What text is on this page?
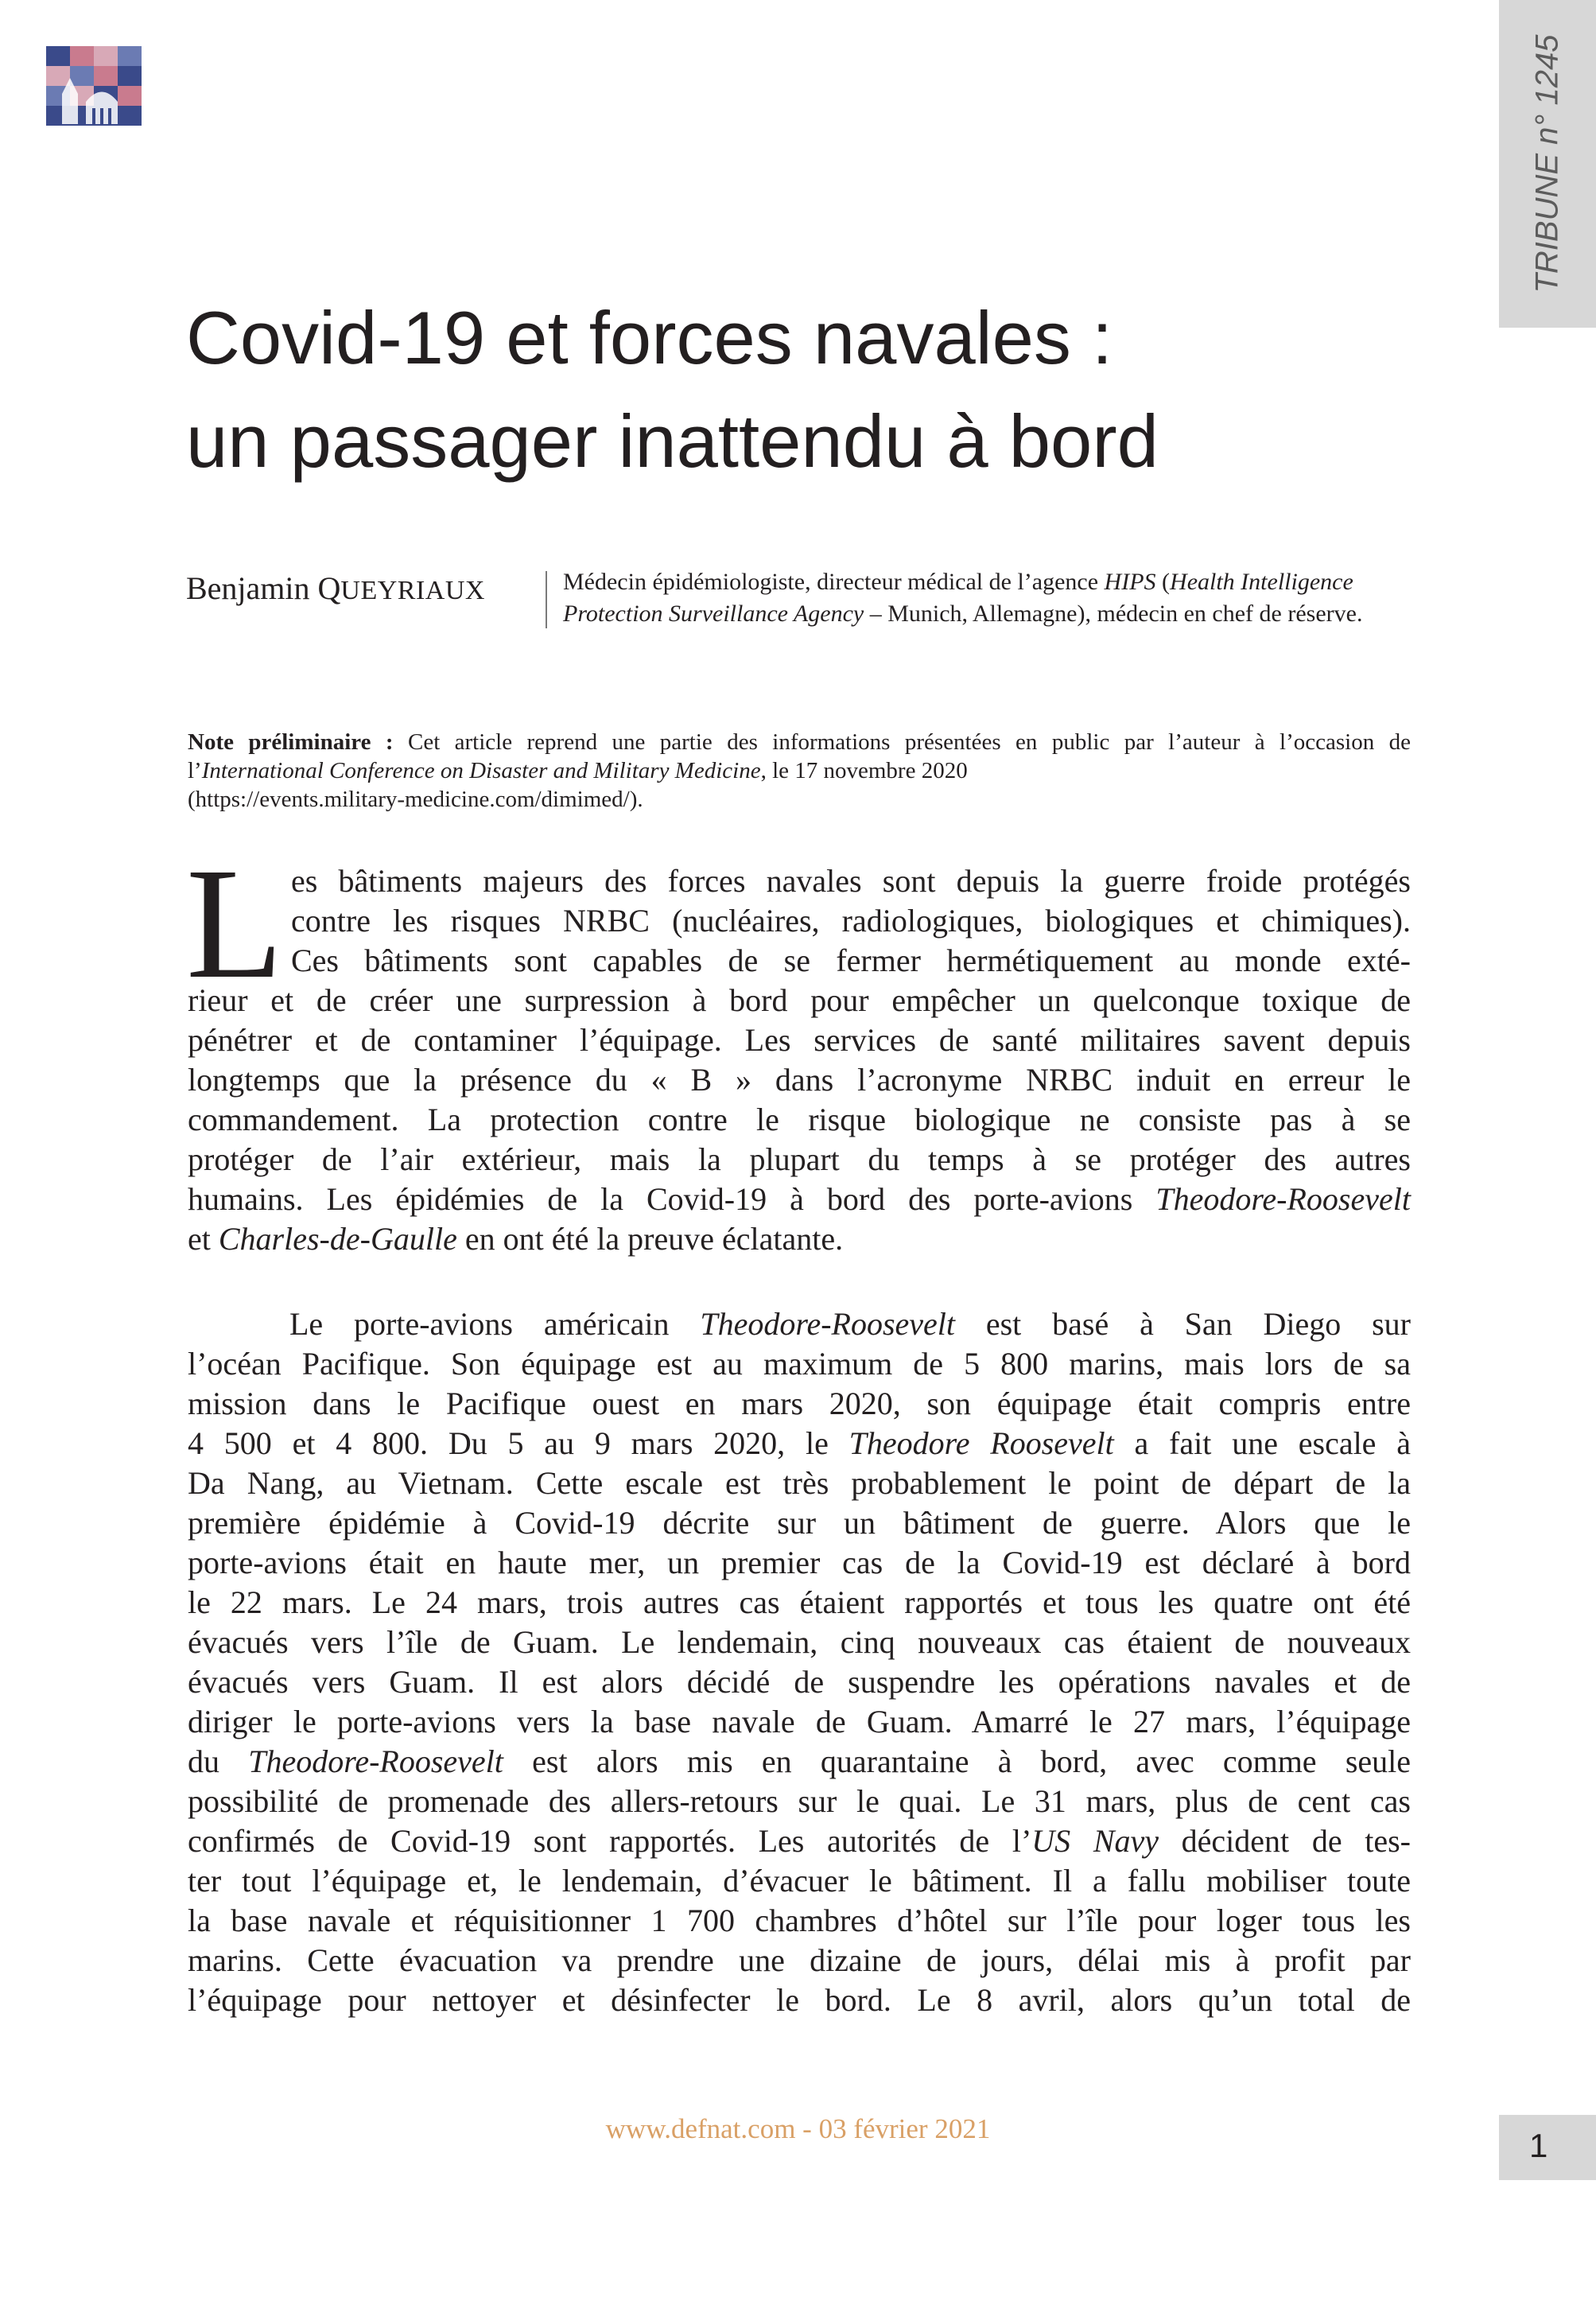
TRIBUNE n° 1245
Covid-19 et forces navales :
un passager inattendu à bord
Benjamin QUEYRIAUX	Médecin épidémiologiste, directeur médical de l’agence HIPS (Health Intelligence
Protection Surveillance Agency – Munich, Allemagne), médecin en chef de réserve.
Note préliminaire : Cet article reprend une partie des informations présentées en public par l’auteur à l’occasion de
l’International Conference on Disaster and Military Medicine, le 17 novembre 2020
(https://events.military-medicine.com/dimimed/).
L es bâtiments majeurs des forces navales sont depuis la guerre froide protégés
contre les risques NRBC (nucléaires, radiologiques, biologiques et chimiques).
Ces bâtiments sont capables de se fermer hermétiquement au monde exté-
rieur et de créer une surpression à bord pour empêcher un quelconque toxique de
pénétrer et de contaminer l’équipage. Les services de santé militaires savent depuis
longtemps que la présence du « B » dans l’acronyme NRBC induit en erreur le
commandement. La protection contre le risque biologique ne consiste pas à se
protéger de l’air extérieur, mais la plupart du temps à se protéger des autres
humains. Les épidémies de la Covid-19 à bord des porte-avions Theodore-Roosevelt
et Charles-de-Gaulle en ont été la preuve éclatante.
Le porte-avions américain Theodore-Roosevelt est basé à San Diego sur
l’océan Pacifique. Son équipage est au maximum de 5 800 marins, mais lors de sa
mission dans le Pacifique ouest en mars 2020, son équipage était compris entre
4 500 et 4 800. Du 5 au 9 mars 2020, le Theodore Roosevelt a fait une escale à
Da Nang, au Vietnam. Cette escale est très probablement le point de départ de la
première épidémie à Covid-19 décrite sur un bâtiment de guerre. Alors que le
porte-avions était en haute mer, un premier cas de la Covid-19 est déclaré à bord
le 22 mars. Le 24 mars, trois autres cas étaient rapportés et tous les quatre ont été
évacués vers l’île de Guam. Le lendemain, cinq nouveaux cas étaient de nouveaux
évacués vers Guam. Il est alors décidé de suspendre les opérations navales et de
diriger le porte-avions vers la base navale de Guam. Amarré le 27 mars, l’équipage
du Theodore-Roosevelt est alors mis en quarantaine à bord, avec comme seule
possibilité de promenade des allers-retours sur le quai. Le 31 mars, plus de cent cas
confirmés de Covid-19 sont rapportés. Les autorités de l’US Navy décident de tes-
ter tout l’équipage et, le lendemain, d’évacuer le bâtiment. Il a fallu mobiliser toute
la base navale et réquisitionner 1 700 chambres d’hôtel sur l’île pour loger tous les
marins. Cette évacuation va prendre une dizaine de jours, délai mis à profit par
l’équipage pour nettoyer et désinfecter le bord. Le 8 avril, alors qu’un total de
www.defnat.com - 03 février 2021	1
